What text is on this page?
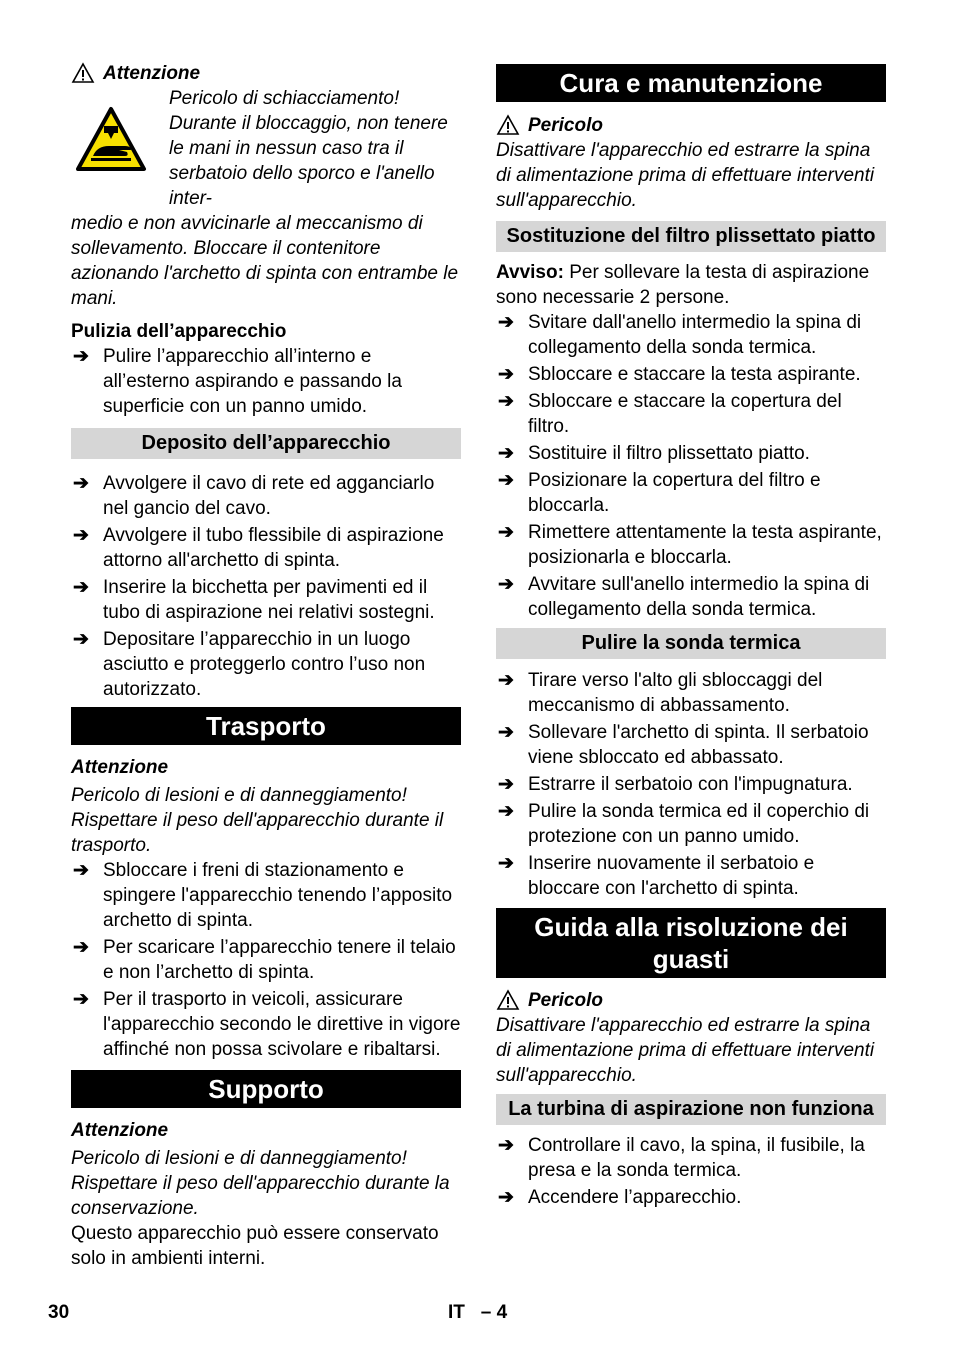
Attenzione

Pericolo di schiacciamento! Durante il bloccaggio, non tenere le mani in nessun caso tra il serbatoio dello sporco e l'anello inter-

medio e non avvicinarle al meccanismo di sollevamento. Bloccare il contenitore azionando l'archetto di spinta con entrambe le mani.

Pulizia dell’apparecchio

➔ Pulire l’apparecchio all’interno e all’esterno aspirando e passando la superficie con un panno umido.
Deposito dell’apparecchio
➔ Avvolgere il cavo di rete ed agganciarlo nel gancio del cavo.
➔ Avvolgere il tubo flessibile di aspirazione attorno all'archetto di spinta.
➔ Inserire la bicchetta per pavimenti ed il tubo di aspirazione nei relativi sostegni.
➔ Depositare l’apparecchio in un luogo asciutto e proteggerlo contro l’uso non autorizzato.
Trasporto

Attenzione

Pericolo di lesioni e di danneggiamento! Rispettare il peso dell'apparecchio durante il trasporto.

➔ Sbloccare i freni di stazionamento e spingere l'apparecchio tenendo l’apposito archetto di spinta.
➔ Per scaricare l’apparecchio tenere il telaio e non l’archetto di spinta.
➔ Per il trasporto in veicoli, assicurare l'apparecchio secondo le direttive in vigore affinché non possa scivolare e ribaltarsi.
Supporto

Attenzione

Pericolo di lesioni e di danneggiamento! Rispettare il peso dell'apparecchio durante la conservazione.

Questo apparecchio può essere conservato solo in ambienti interni.

Cura e manutenzione
Pericolo

Disattivare l'apparecchio ed estrarre la spina di alimentazione prima di effettuare interventi sull'apparecchio.

Sostituzione del filtro plissettato piatto

Avviso: Per sollevare la testa di aspirazione sono necessarie 2 persone.

➔ Svitare dall'anello intermedio la spina di collegamento della sonda termica.
➔ Sbloccare e staccare la testa aspirante.
➔ Sbloccare e staccare la copertura del filtro.
➔ Sostituire il filtro plissettato piatto.
➔ Posizionare la copertura del filtro e bloccarla.
➔ Rimettere attentamente la testa aspirante, posizionarla e bloccarla.
➔ Avvitare sull'anello intermedio la spina di collegamento della sonda termica.
Pulire la sonda termica
➔ Tirare verso l'alto gli sbloccaggi del meccanismo di abbassamento.
➔ Sollevare l'archetto di spinta. Il serbatoio viene sbloccato ed abbassato.
➔ Estrarre il serbatoio con l'impugnatura.
➔ Pulire la sonda termica ed il coperchio di protezione con un panno umido.
➔ Inserire nuovamente il serbatoio e bloccare con l'archetto di spinta.
Guida alla risoluzione dei guasti
Pericolo

Disattivare l'apparecchio ed estrarre la spina di alimentazione prima di effettuare interventi sull'apparecchio.

La turbina di aspirazione non funziona
➔ Controllare il cavo, la spina, il fusibile, la presa e la sonda termica.
➔ Accendere l’apparecchio.
30	IT   – 4
